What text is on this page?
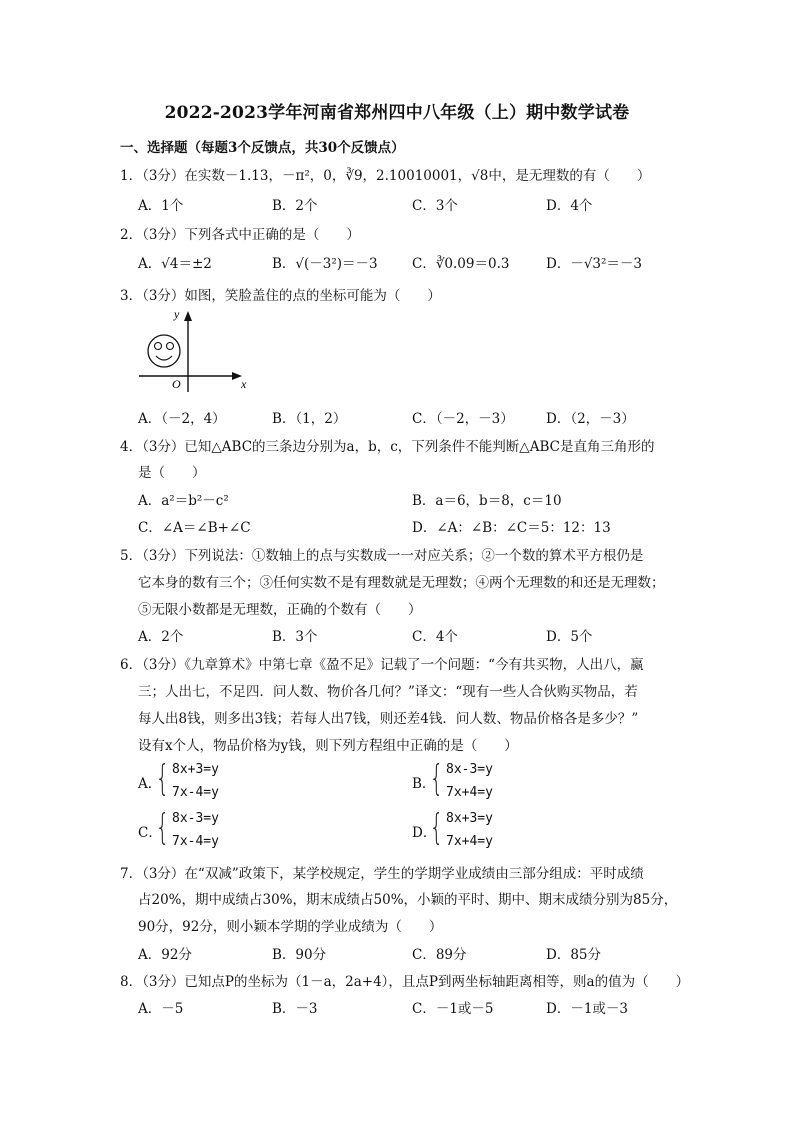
2022-2023学年河南省郑州四中八年级（上）期中数学试卷
一、选择题（每题3个反馈点，共30个反馈点）
1．（3分）在实数－1.13，－π²，0，∛9，2.10010001，√8中，是无理数的有（　　）
A．1个	B．2个	C．3个	D．4个
2．（3分）下列各式中正确的是（　　）
A．√4＝±2	B．√(－3²)＝－3	C．∛0.09＝0.3	D．－√3²＝－3
3．（3分）如图，笑脸盖住的点的坐标可能为（　　）
x
y
O
A．（－2，4）	B．（1，2）	C．（－2，－3） D．（2，－3）
4．（3分）已知△ABC的三条边分别为a，b，c，下列条件不能判断△ABC是直角三角形的
是（　　）
A．a²＝b²－c²	B．a＝6，b＝8，c＝10
C．∠A＝∠B+∠C	D．∠A：∠B：∠C＝5：12：13
5．（3分）下列说法：①数轴上的点与实数成一一对应关系；②一个数的算术平方根仍是
它本身的数有三个；③任何实数不是有理数就是无理数；④两个无理数的和还是无理数；
⑤无限小数都是无理数，正确的个数有（　　）
A．2个	B．3个	C．4个	D．5个
6．（3分）《九章算术》中第七章《盈不足》记载了一个问题：“今有共买物，人出八，赢
三；人出七，不足四．问人数、物价各几何？”译文：“现有一些人合伙购买物品，若
每人出8钱，则多出3钱；若每人出7钱，则还差4钱．问人数、物品价格各是多少？”
设有x个人，物品价格为y钱，则下列方程组中正确的是（　　）
A．
{ 8x+3=y
7x-4=y
B．
{ 8x-3=y
7x+4=y
C．
{ 8x-3=y
7x-4=y
D．
{ 8x+3=y
7x+4=y
7．（3分）在“双减”政策下，某学校规定，学生的学期学业成绩由三部分组成：平时成绩
占20%，期中成绩占30%，期末成绩占50%，小颖的平时、期中、期末成绩分别为85分，
90分，92分，则小颖本学期的学业成绩为（　　）
A．92分	B．90分	C．89分	D．85分
8．（3分）已知点P的坐标为（1－a，2a+4），且点P到两坐标轴距离相等，则a的值为（　　）
A．－5	B．－3	C．－1或－5	D．－1或－3
